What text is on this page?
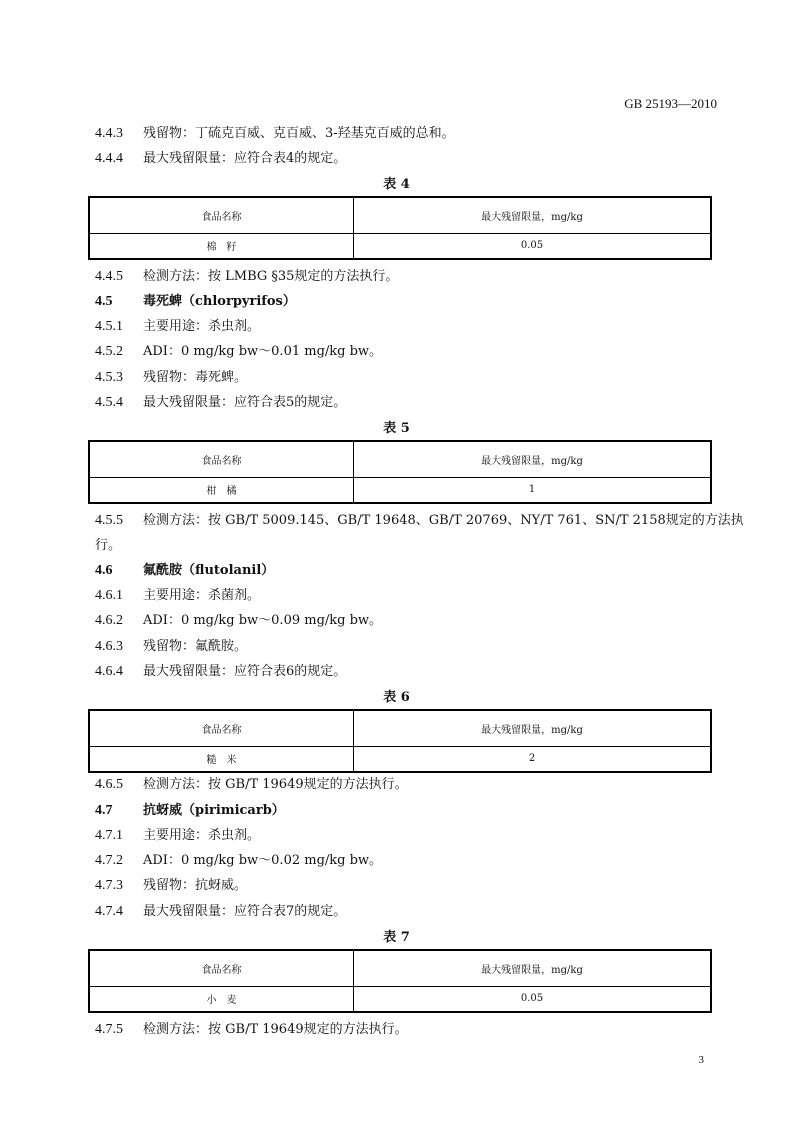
GB 25193—2010
4.4.3 残留物：丁硫克百威、克百威、3-羟基克百威的总和。
4.4.4 最大残留限量：应符合表4的规定。
表 4
食品名称	最大残留限量，mg/kg
棉　籽	0.05
4.4.5 检测方法：按 LMBG §35规定的方法执行。
4.5 毒死蜱（chlorpyrifos）
4.5.1 主要用途：杀虫剂。
4.5.2 ADI：0 mg/kg bw～0.01 mg/kg bw。
4.5.3 残留物：毒死蜱。
4.5.4 最大残留限量：应符合表5的规定。
表 5
食品名称	最大残留限量，mg/kg
柑　橘	1
4.5.5 检测方法：按 GB/T 5009.145、GB/T 19648、GB/T 20769、NY/T 761、SN/T 2158规定的方法执
行。
4.6 氟酰胺（flutolanil）
4.6.1 主要用途：杀菌剂。
4.6.2 ADI：0 mg/kg bw～0.09 mg/kg bw。
4.6.3 残留物：氟酰胺。
4.6.4 最大残留限量：应符合表6的规定。
表 6
食品名称	最大残留限量，mg/kg
糙　米	2
4.6.5 检测方法：按 GB/T 19649规定的方法执行。
4.7 抗蚜威（pirimicarb）
4.7.1 主要用途：杀虫剂。
4.7.2 ADI：0 mg/kg bw～0.02 mg/kg bw。
4.7.3 残留物：抗蚜威。
4.7.4 最大残留限量：应符合表7的规定。
表 7
食品名称	最大残留限量，mg/kg
小　麦	0.05
4.7.5 检测方法：按 GB/T 19649规定的方法执行。
3
